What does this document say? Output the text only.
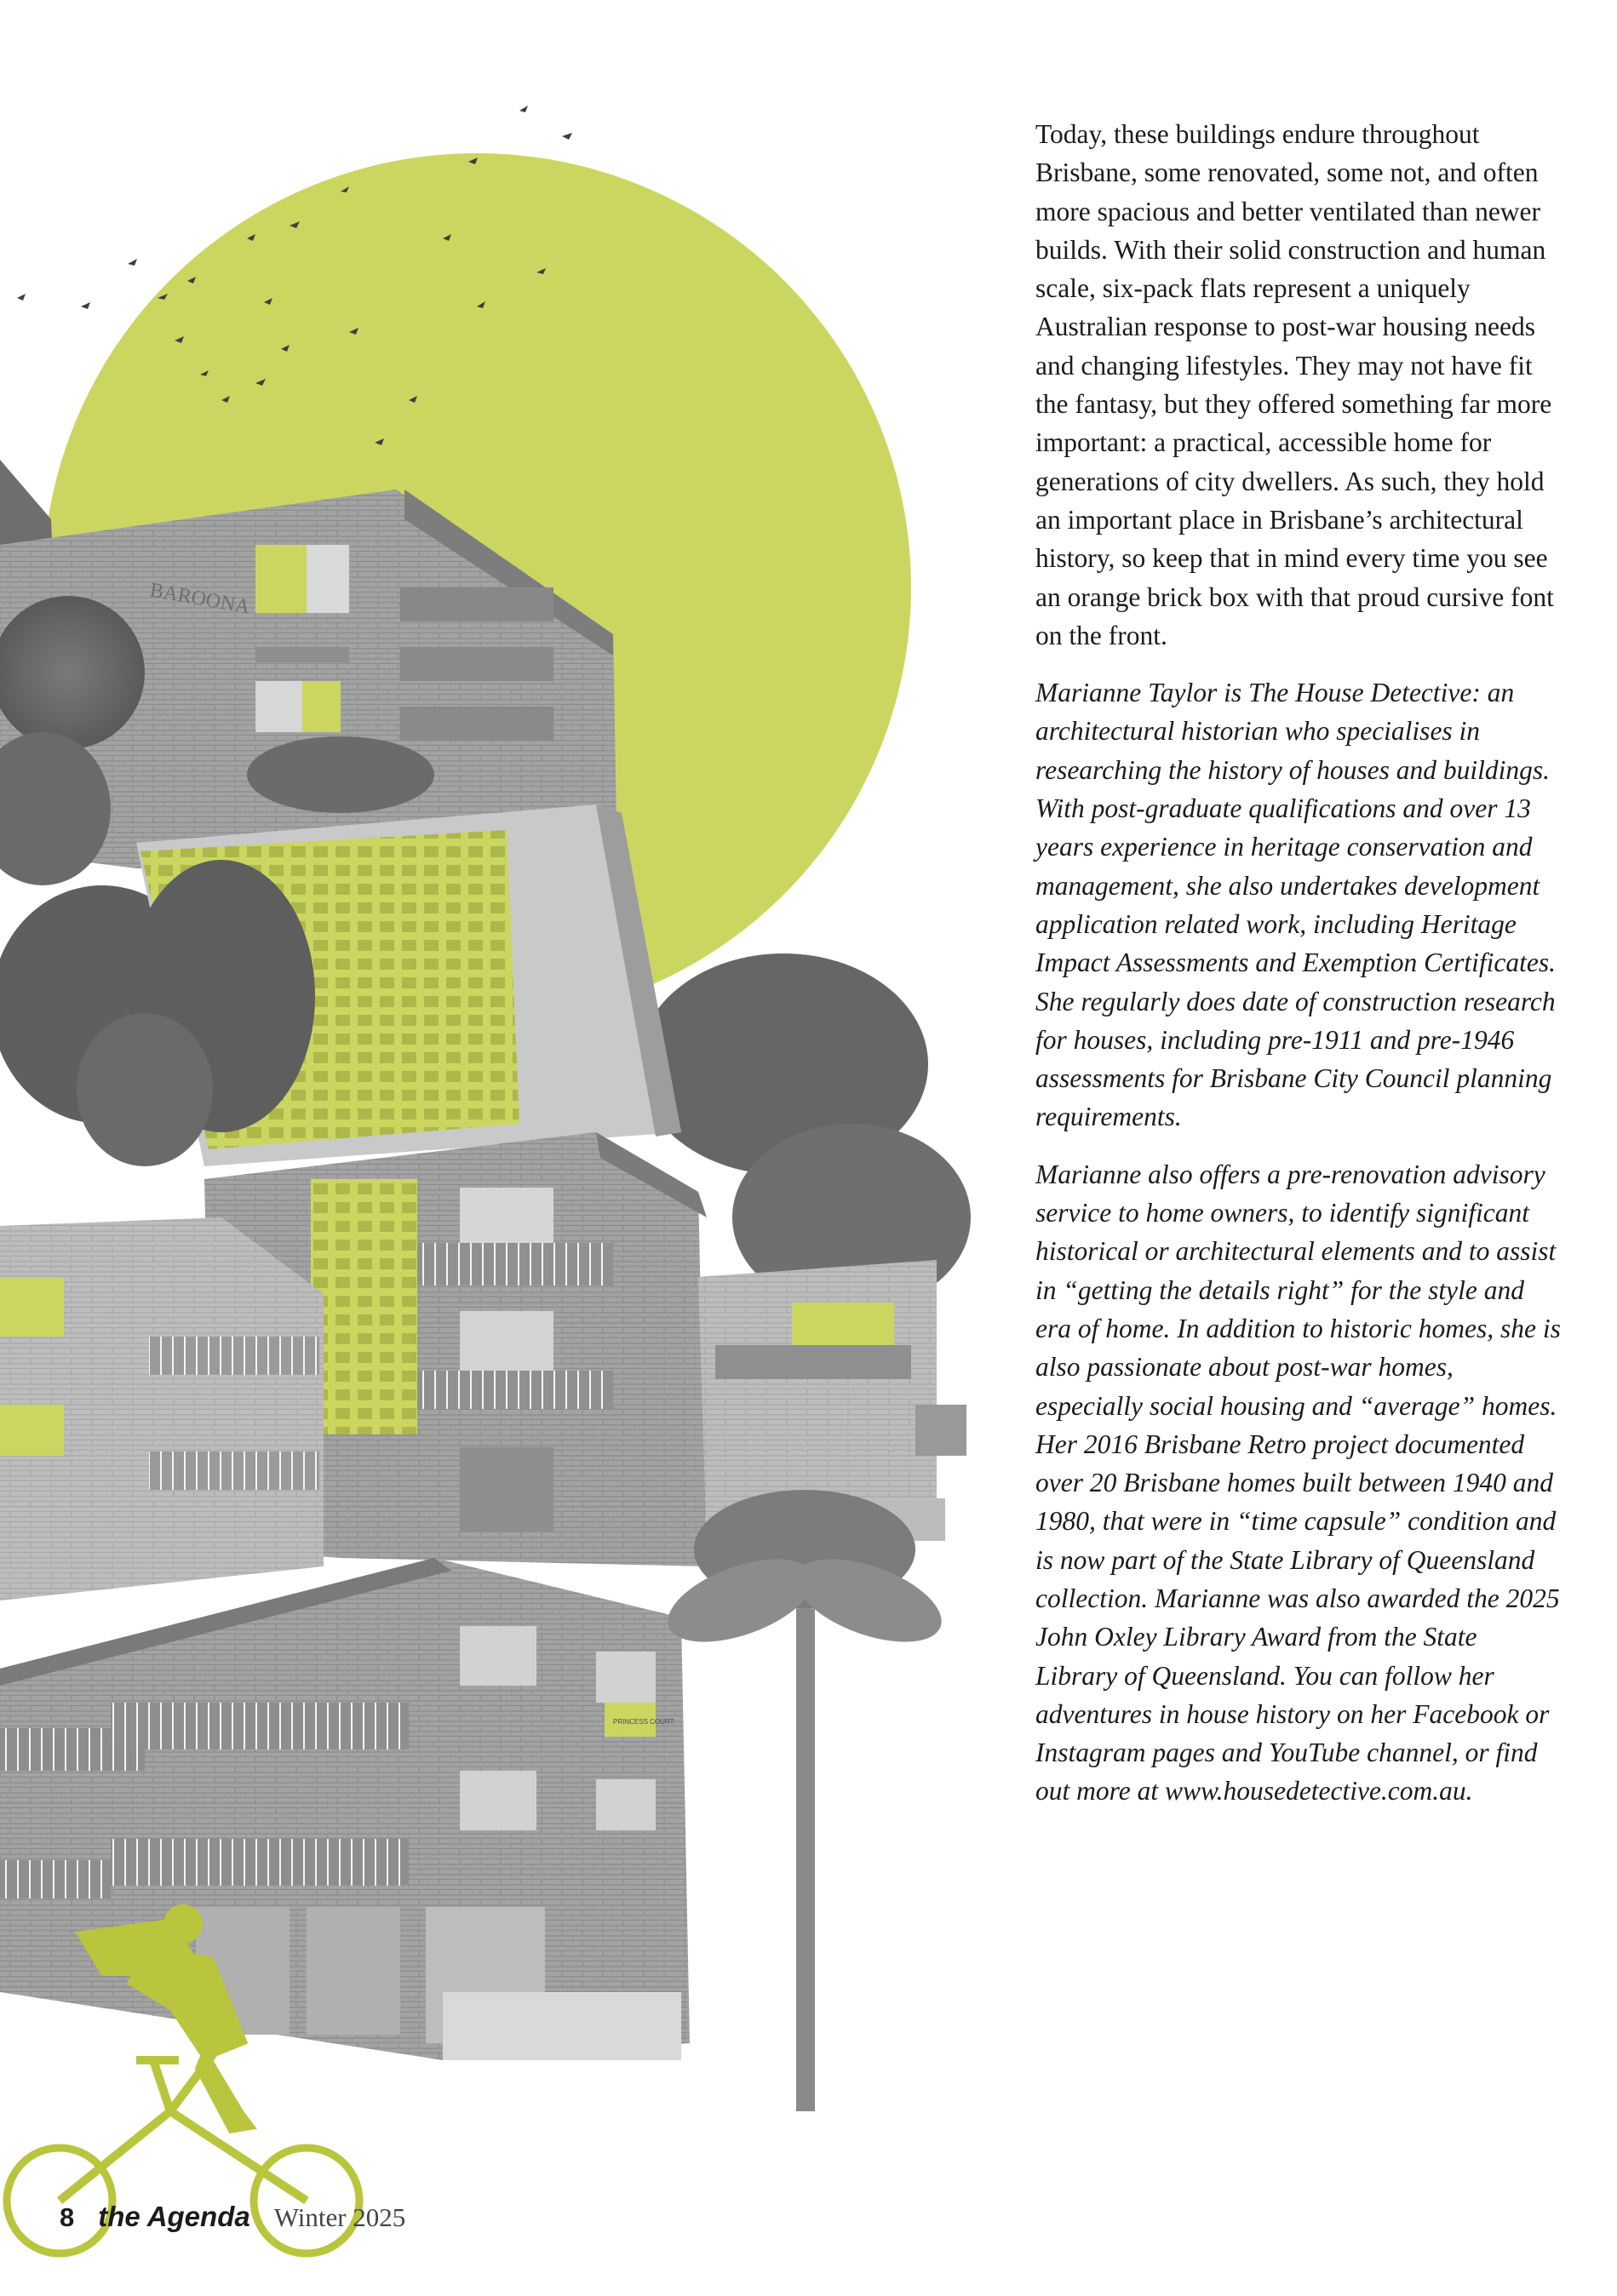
BAROONA
PRINCESS COURT

Today, these buildings endure throughout Brisbane, some renovated, some not, and often more spacious and better ventilated than newer builds. With their solid construction and human scale, six-pack flats represent a uniquely Australian response to post-war housing needs and changing lifestyles. They may not have fit the fantasy, but they offered something far more important: a practical, accessible home for generations of city dwellers. As such, they hold an important place in Brisbane’s architectural history, so keep that in mind every time you see an orange brick box with that proud cursive font on the front.

Marianne Taylor is The House Detective: an architectural historian who specialises in researching the history of houses and buildings. With post-graduate qualifications and over 13 years experience in heritage conservation and management, she also undertakes development application related work, including Heritage Impact Assessments and Exemption Certificates. She regularly does date of construction research for houses, including pre-1911 and pre-1946 assessments for Brisbane City Council planning requirements.

Marianne also offers a pre-renovation advisory service to home owners, to identify significant historical or architectural elements and to assist in “getting the details right” for the style and era of home. In addition to historic homes, she is also passionate about post-war homes, especially social housing and “average” homes. Her 2016 Brisbane Retro project documented over 20 Brisbane homes built between 1940 and 1980, that were in “time capsule” condition and is now part of the State Library of Queensland collection. Marianne was also awarded the 2025 John Oxley Library Award from the State Library of Queensland. You can follow her adventures in house history on her Facebook or Instagram pages and YouTube channel, or find out more at www.housedetective.com.au.

8 the Agenda Winter 2025
